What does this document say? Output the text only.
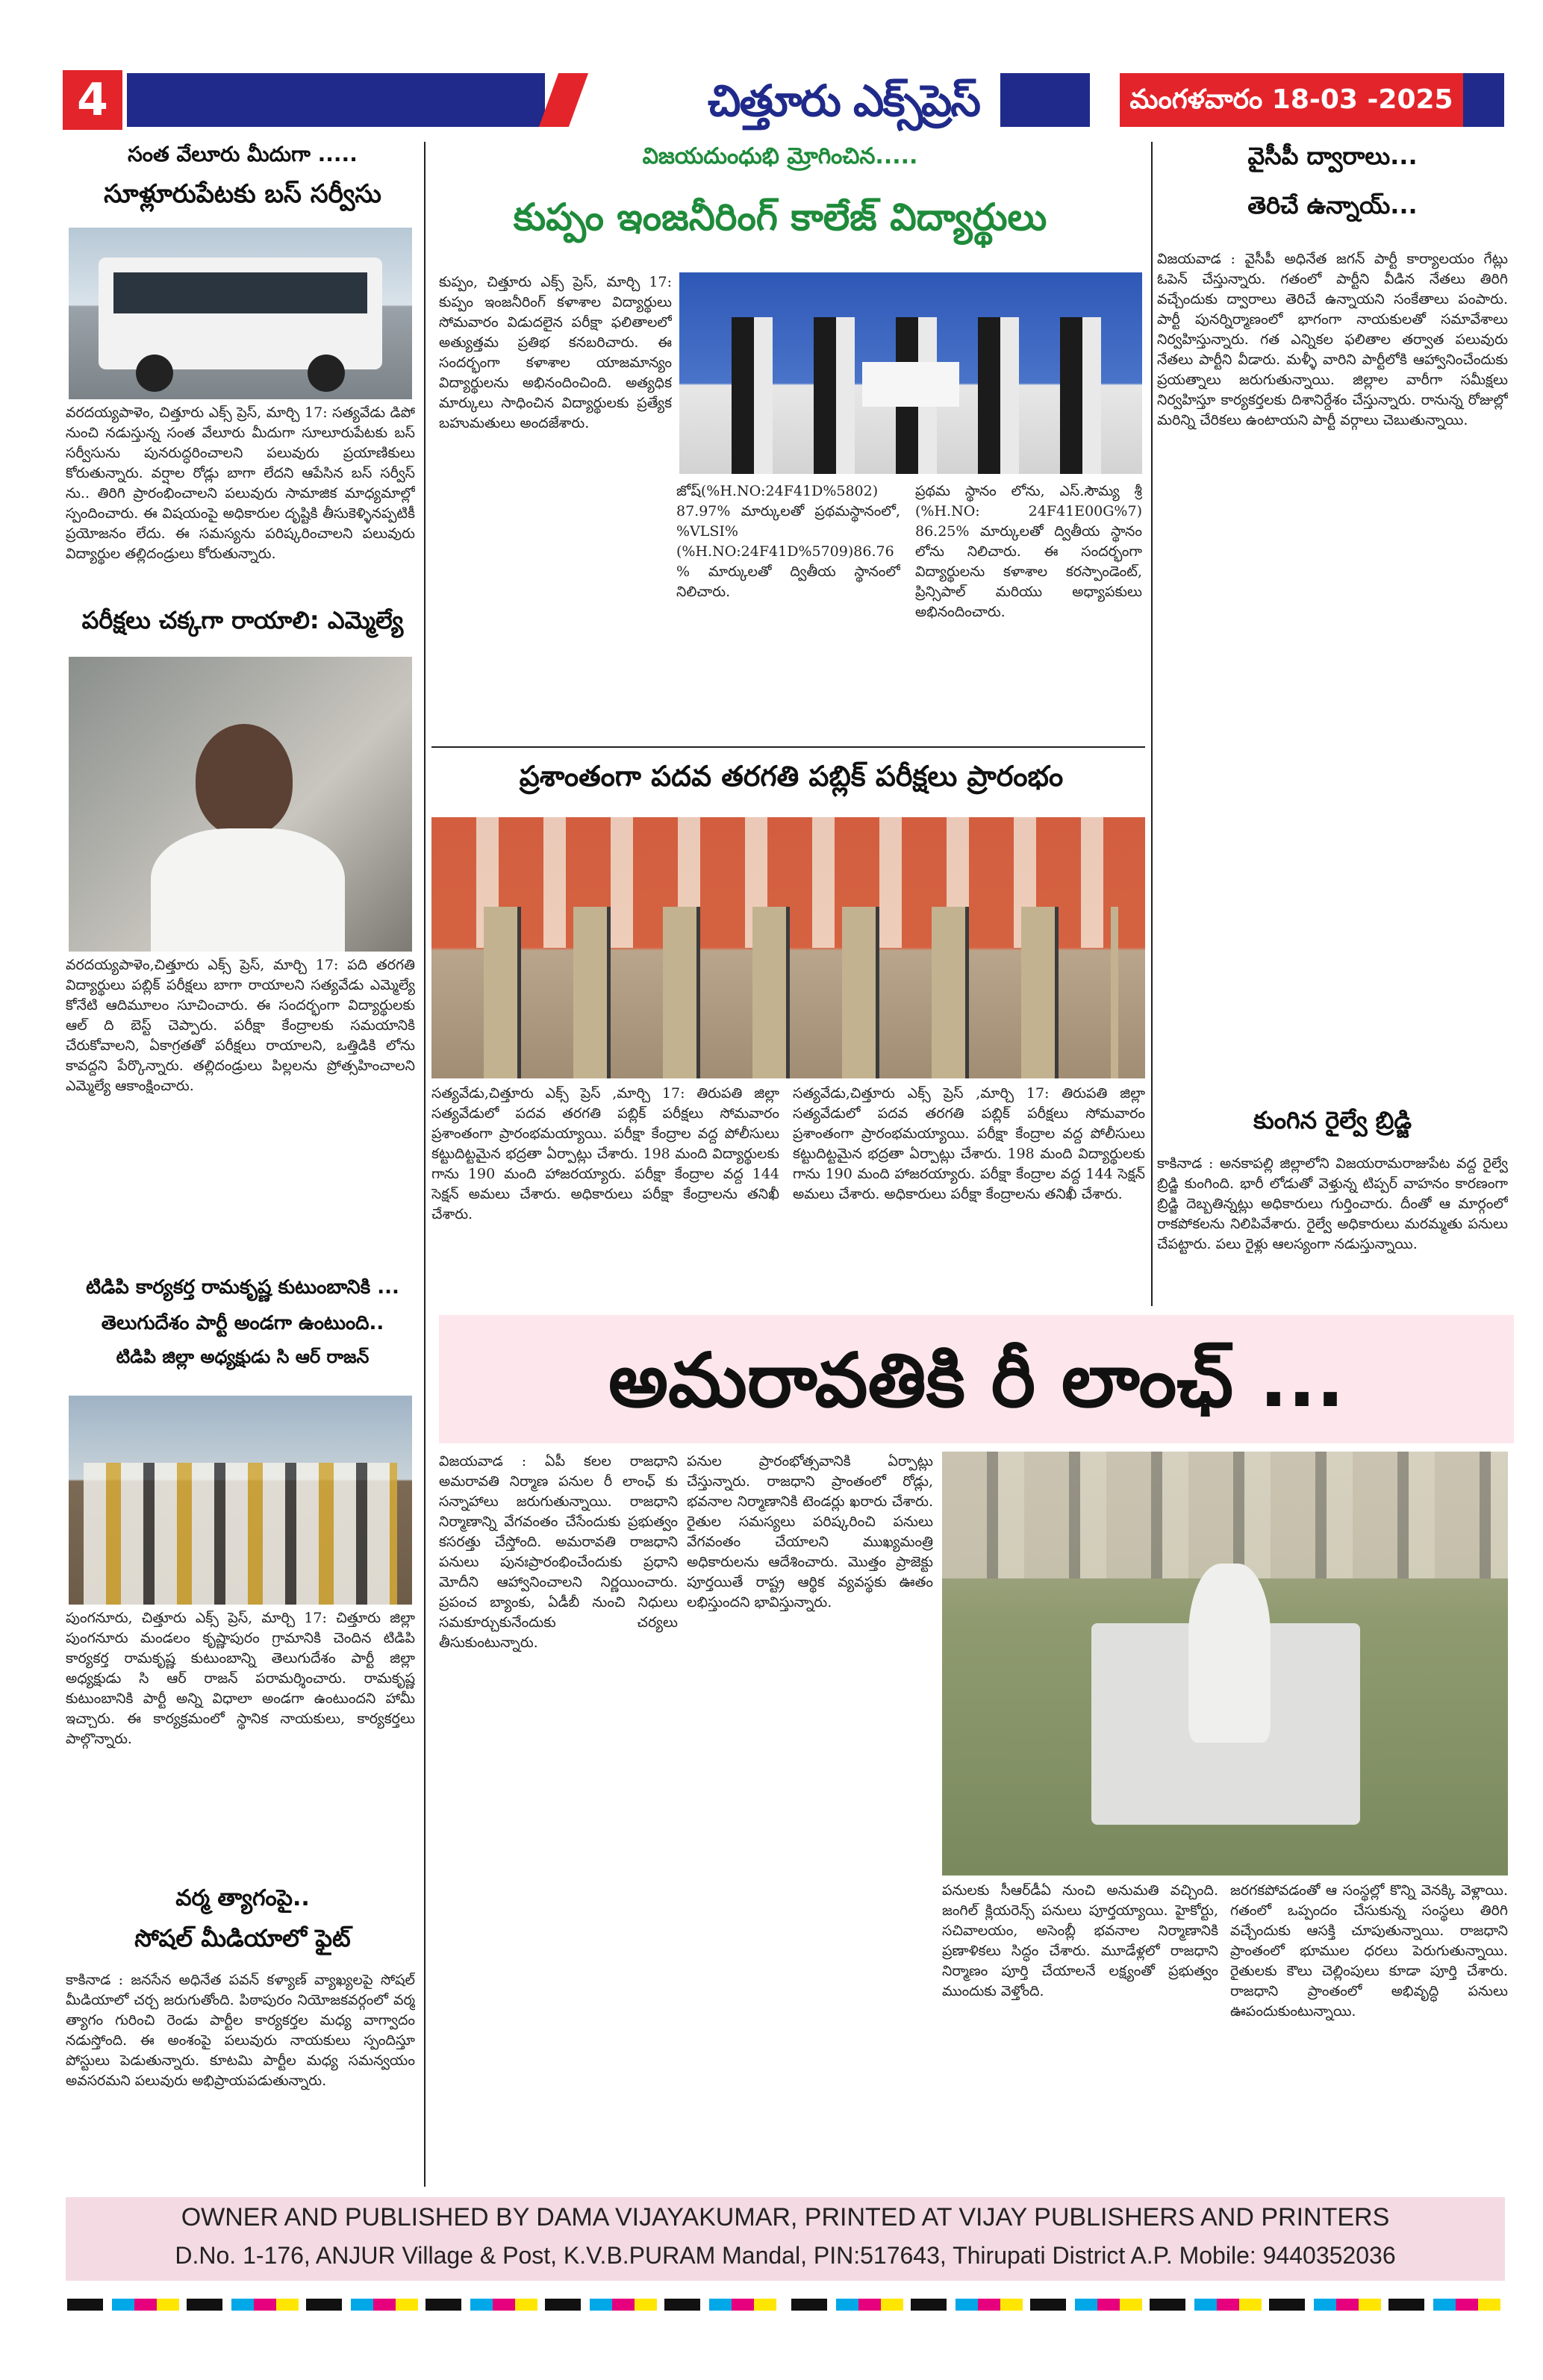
4	చిత్తూరు ఎక్స్‌ప్రెస్	మంగళవారం 18-03 -2025
సంత వేలూరు మీదుగా .....
సూళ్లూరుపేటకు బస్ సర్వీసు
వరదయ్యపాళెం, చిత్తూరు ఎక్స్ ప్రెస్, మార్చి 17: సత్యవేడు డిపో నుంచి నడుస్తున్న సంత వేలూరు మీదుగా సూలూరుపేటకు బస్ సర్వీసును పునరుద్ధరించాలని పలువురు ప్రయాణికులు కోరుతున్నారు. వర్షాల రోడ్లు బాగా లేదని ఆపేసిన బస్ సర్వీస్ ను.. తిరిగి ప్రారంభించాలని పలువురు సామాజిక మాధ్యమాల్లో స్పందించారు. ఈ విషయంపై అధికారుల దృష్టికి తీసుకెళ్ళినప్పటికీ ప్రయోజనం లేదు. ఈ సమస్యను పరిష్కరించాలని పలువురు విద్యార్థుల తల్లిదండ్రులు కోరుతున్నారు.
పరీక్షలు చక్కగా రాయాలి: ఎమ్మెల్యే
వరదయ్యపాళెం,చిత్తూరు ఎక్స్ ప్రెస్, మార్చి 17: పది తరగతి విద్యార్థులు పబ్లిక్ పరీక్షలు బాగా రాయాలని సత్యవేడు ఎమ్మెల్యే కోనేటి ఆదిమూలం సూచించారు. ఈ సందర్భంగా విద్యార్థులకు ఆల్ ది బెస్ట్ చెప్పారు. పరీక్షా కేంద్రాలకు సమయానికి చేరుకోవాలని, ఏకాగ్రతతో పరీక్షలు రాయాలని, ఒత్తిడికి లోను కావద్దని పేర్కొన్నారు. తల్లిదండ్రులు పిల్లలను ప్రోత్సహించాలని ఎమ్మెల్యే ఆకాంక్షించారు.
టిడిపి కార్యకర్త రామకృష్ణ కుటుంబానికి ...
తెలుగుదేశం పార్టీ అండగా ఉంటుంది..
టిడిపి జిల్లా అధ్యక్షుడు సి ఆర్ రాజన్
పుంగనూరు, చిత్తూరు ఎక్స్ ప్రెస్, మార్చి 17: చిత్తూరు జిల్లా పుంగనూరు మండలం కృష్ణాపురం గ్రామానికి చెందిన టిడిపి కార్యకర్త రామకృష్ణ కుటుంబాన్ని తెలుగుదేశం పార్టీ జిల్లా అధ్యక్షుడు సి ఆర్ రాజన్ పరామర్శించారు. రామకృష్ణ కుటుంబానికి పార్టీ అన్ని విధాలా అండగా ఉంటుందని హామీ ఇచ్చారు. ఈ కార్యక్రమంలో స్థానిక నాయకులు, కార్యకర్తలు పాల్గొన్నారు.
వర్మ త్యాగంపై..
సోషల్ మీడియాలో ఫైట్
కాకినాడ : జనసేన అధినేత పవన్ కళ్యాణ్ వ్యాఖ్యలపై సోషల్ మీడియాలో చర్చ జరుగుతోంది. పిఠాపురం నియోజకవర్గంలో వర్మ త్యాగం గురించి రెండు పార్టీల కార్యకర్తల మధ్య వాగ్వాదం నడుస్తోంది. ఈ అంశంపై పలువురు నాయకులు స్పందిస్తూ పోస్టులు పెడుతున్నారు. కూటమి పార్టీల మధ్య సమన్వయం అవసరమని పలువురు అభిప్రాయపడుతున్నారు.
విజయదుంధుభి మ్రోగించిన.....
కుప్పం ఇంజనీరింగ్ కాలేజ్ విద్యార్థులు
కుప్పం, చిత్తూరు ఎక్స్ ప్రెస్, మార్చి 17: కుప్పం ఇంజనీరింగ్ కళాశాల విద్యార్థులు సోమవారం విడుదలైన పరీక్షా ఫలితాలలో అత్యుత్తమ ప్రతిభ కనబరిచారు. ఈ సందర్భంగా కళాశాల యాజమాన్యం విద్యార్థులను అభినందించింది. అత్యధిక మార్కులు సాధించిన విద్యార్థులకు ప్రత్యేక బహుమతులు అందజేశారు.
జోష్(%H.NO:24F41D%5802) 87.97% మార్కులతో ప్రథమస్థానంలో, %VLSI% (%H.NO:24F41D%5709)86.76 % మార్కులతో ద్వితీయ స్థానంలో నిలిచారు.
ప్రథమ స్థానం లోను, ఎస్.సౌమ్య శ్రీ (%H.NO: 24F41E00G%7) 86.25% మార్కులతో ద్వితీయ స్థానం లోను నిలిచారు. ఈ సందర్భంగా విద్యార్థులను కళాశాల కరస్పాండెంట్, ప్రిన్సిపాల్ మరియు అధ్యాపకులు అభినందించారు.
ప్రశాంతంగా పదవ తరగతి పబ్లిక్ పరీక్షలు ప్రారంభం
సత్యవేడు,చిత్తూరు ఎక్స్ ప్రెస్ ,మార్చి 17: తిరుపతి జిల్లా సత్యవేడులో పదవ తరగతి పబ్లిక్ పరీక్షలు సోమవారం ప్రశాంతంగా ప్రారంభమయ్యాయి. పరీక్షా కేంద్రాల వద్ద పోలీసులు కట్టుదిట్టమైన భద్రతా ఏర్పాట్లు చేశారు. 198 మంది విద్యార్థులకు గాను 190 మంది హాజరయ్యారు. పరీక్షా కేంద్రాల వద్ద 144 సెక్షన్ అమలు చేశారు. అధికారులు పరీక్షా కేంద్రాలను తనిఖీ చేశారు.
సత్యవేడు,చిత్తూరు ఎక్స్ ప్రెస్ ,మార్చి 17: తిరుపతి జిల్లా సత్యవేడులో పదవ తరగతి పబ్లిక్ పరీక్షలు సోమవారం ప్రశాంతంగా ప్రారంభమయ్యాయి. పరీక్షా కేంద్రాల వద్ద పోలీసులు కట్టుదిట్టమైన భద్రతా ఏర్పాట్లు చేశారు. 198 మంది విద్యార్థులకు గాను 190 మంది హాజరయ్యారు. పరీక్షా కేంద్రాల వద్ద 144 సెక్షన్ అమలు చేశారు. అధికారులు పరీక్షా కేంద్రాలను తనిఖీ చేశారు.
వైసీపీ ద్వారాలు...
తెరిచే ఉన్నాయ్...
విజయవాడ : వైసీపీ అధినేత జగన్ పార్టీ కార్యాలయం గేట్లు ఓపెన్ చేస్తున్నారు. గతంలో పార్టీని వీడిన నేతలు తిరిగి వచ్చేందుకు ద్వారాలు తెరిచే ఉన్నాయని సంకేతాలు పంపారు. పార్టీ పునర్నిర్మాణంలో భాగంగా నాయకులతో సమావేశాలు నిర్వహిస్తున్నారు. గత ఎన్నికల ఫలితాల తర్వాత పలువురు నేతలు పార్టీని వీడారు. మళ్ళీ వారిని పార్టీలోకి ఆహ్వానించేందుకు ప్రయత్నాలు జరుగుతున్నాయి. జిల్లాల వారీగా సమీక్షలు నిర్వహిస్తూ కార్యకర్తలకు దిశానిర్దేశం చేస్తున్నారు. రానున్న రోజుల్లో మరిన్ని చేరికలు ఉంటాయని పార్టీ వర్గాలు చెబుతున్నాయి.
కుంగిన రైల్వే బ్రిడ్జి
కాకినాడ : అనకాపల్లి జిల్లాలోని విజయరామరాజుపేట వద్ద రైల్వే బ్రిడ్జి కుంగింది. భారీ లోడుతో వెళ్తున్న టిప్పర్ వాహనం కారణంగా బ్రిడ్జి దెబ్బతిన్నట్లు అధికారులు గుర్తించారు. దీంతో ఆ మార్గంలో రాకపోకలను నిలిపివేశారు. రైల్వే అధికారులు మరమ్మతు పనులు చేపట్టారు. పలు రైళ్లు ఆలస్యంగా నడుస్తున్నాయి.
అమరావతికి రీ లాంఛ్ ...
విజయవాడ : ఏపీ కలల రాజధాని అమరావతి నిర్మాణ పనుల రీ లాంఛ్ కు సన్నాహాలు జరుగుతున్నాయి. రాజధాని నిర్మాణాన్ని వేగవంతం చేసేందుకు ప్రభుత్వం కసరత్తు చేస్తోంది. అమరావతి రాజధాని పనులు పునఃప్రారంభించేందుకు ప్రధాని మోదీని ఆహ్వానించాలని నిర్ణయించారు. ప్రపంచ బ్యాంకు, ఏడీబీ నుంచి నిధులు సమకూర్చుకునేందుకు చర్యలు తీసుకుంటున్నారు.
పనుల ప్రారంభోత్సవానికి ఏర్పాట్లు చేస్తున్నారు. రాజధాని ప్రాంతంలో రోడ్లు, భవనాల నిర్మాణానికి టెండర్లు ఖరారు చేశారు. రైతుల సమస్యలు పరిష్కరించి పనులు వేగవంతం చేయాలని ముఖ్యమంత్రి అధికారులను ఆదేశించారు. మొత్తం ప్రాజెక్టు పూర్తయితే రాష్ట్ర ఆర్థిక వ్యవస్థకు ఊతం లభిస్తుందని భావిస్తున్నారు.
పనులకు సీఆర్‌డీఏ నుంచి అనుమతి వచ్చింది. జంగిల్ క్లియరెన్స్ పనులు పూర్తయ్యాయి. హైకోర్టు, సచివాలయం, అసెంబ్లీ భవనాల నిర్మాణానికి ప్రణాళికలు సిద్ధం చేశారు. మూడేళ్లలో రాజధాని నిర్మాణం పూర్తి చేయాలనే లక్ష్యంతో ప్రభుత్వం ముందుకు వెళ్తోంది.
జరగకపోవడంతో ఆ సంస్థల్లో కొన్ని వెనక్కి వెళ్లాయి. గతంలో ఒప్పందం చేసుకున్న సంస్థలు తిరిగి వచ్చేందుకు ఆసక్తి చూపుతున్నాయి. రాజధాని ప్రాంతంలో భూముల ధరలు పెరుగుతున్నాయి. రైతులకు కౌలు చెల్లింపులు కూడా పూర్తి చేశారు. రాజధాని ప్రాంతంలో అభివృద్ధి పనులు ఊపందుకుంటున్నాయి.
OWNER AND PUBLISHED BY DAMA VIJAYAKUMAR, PRINTED AT VIJAY PUBLISHERS AND PRINTERS
D.No. 1-176, ANJUR Village & Post, K.V.B.PURAM Mandal, PIN:517643, Thirupati District A.P. Mobile: 9440352036
